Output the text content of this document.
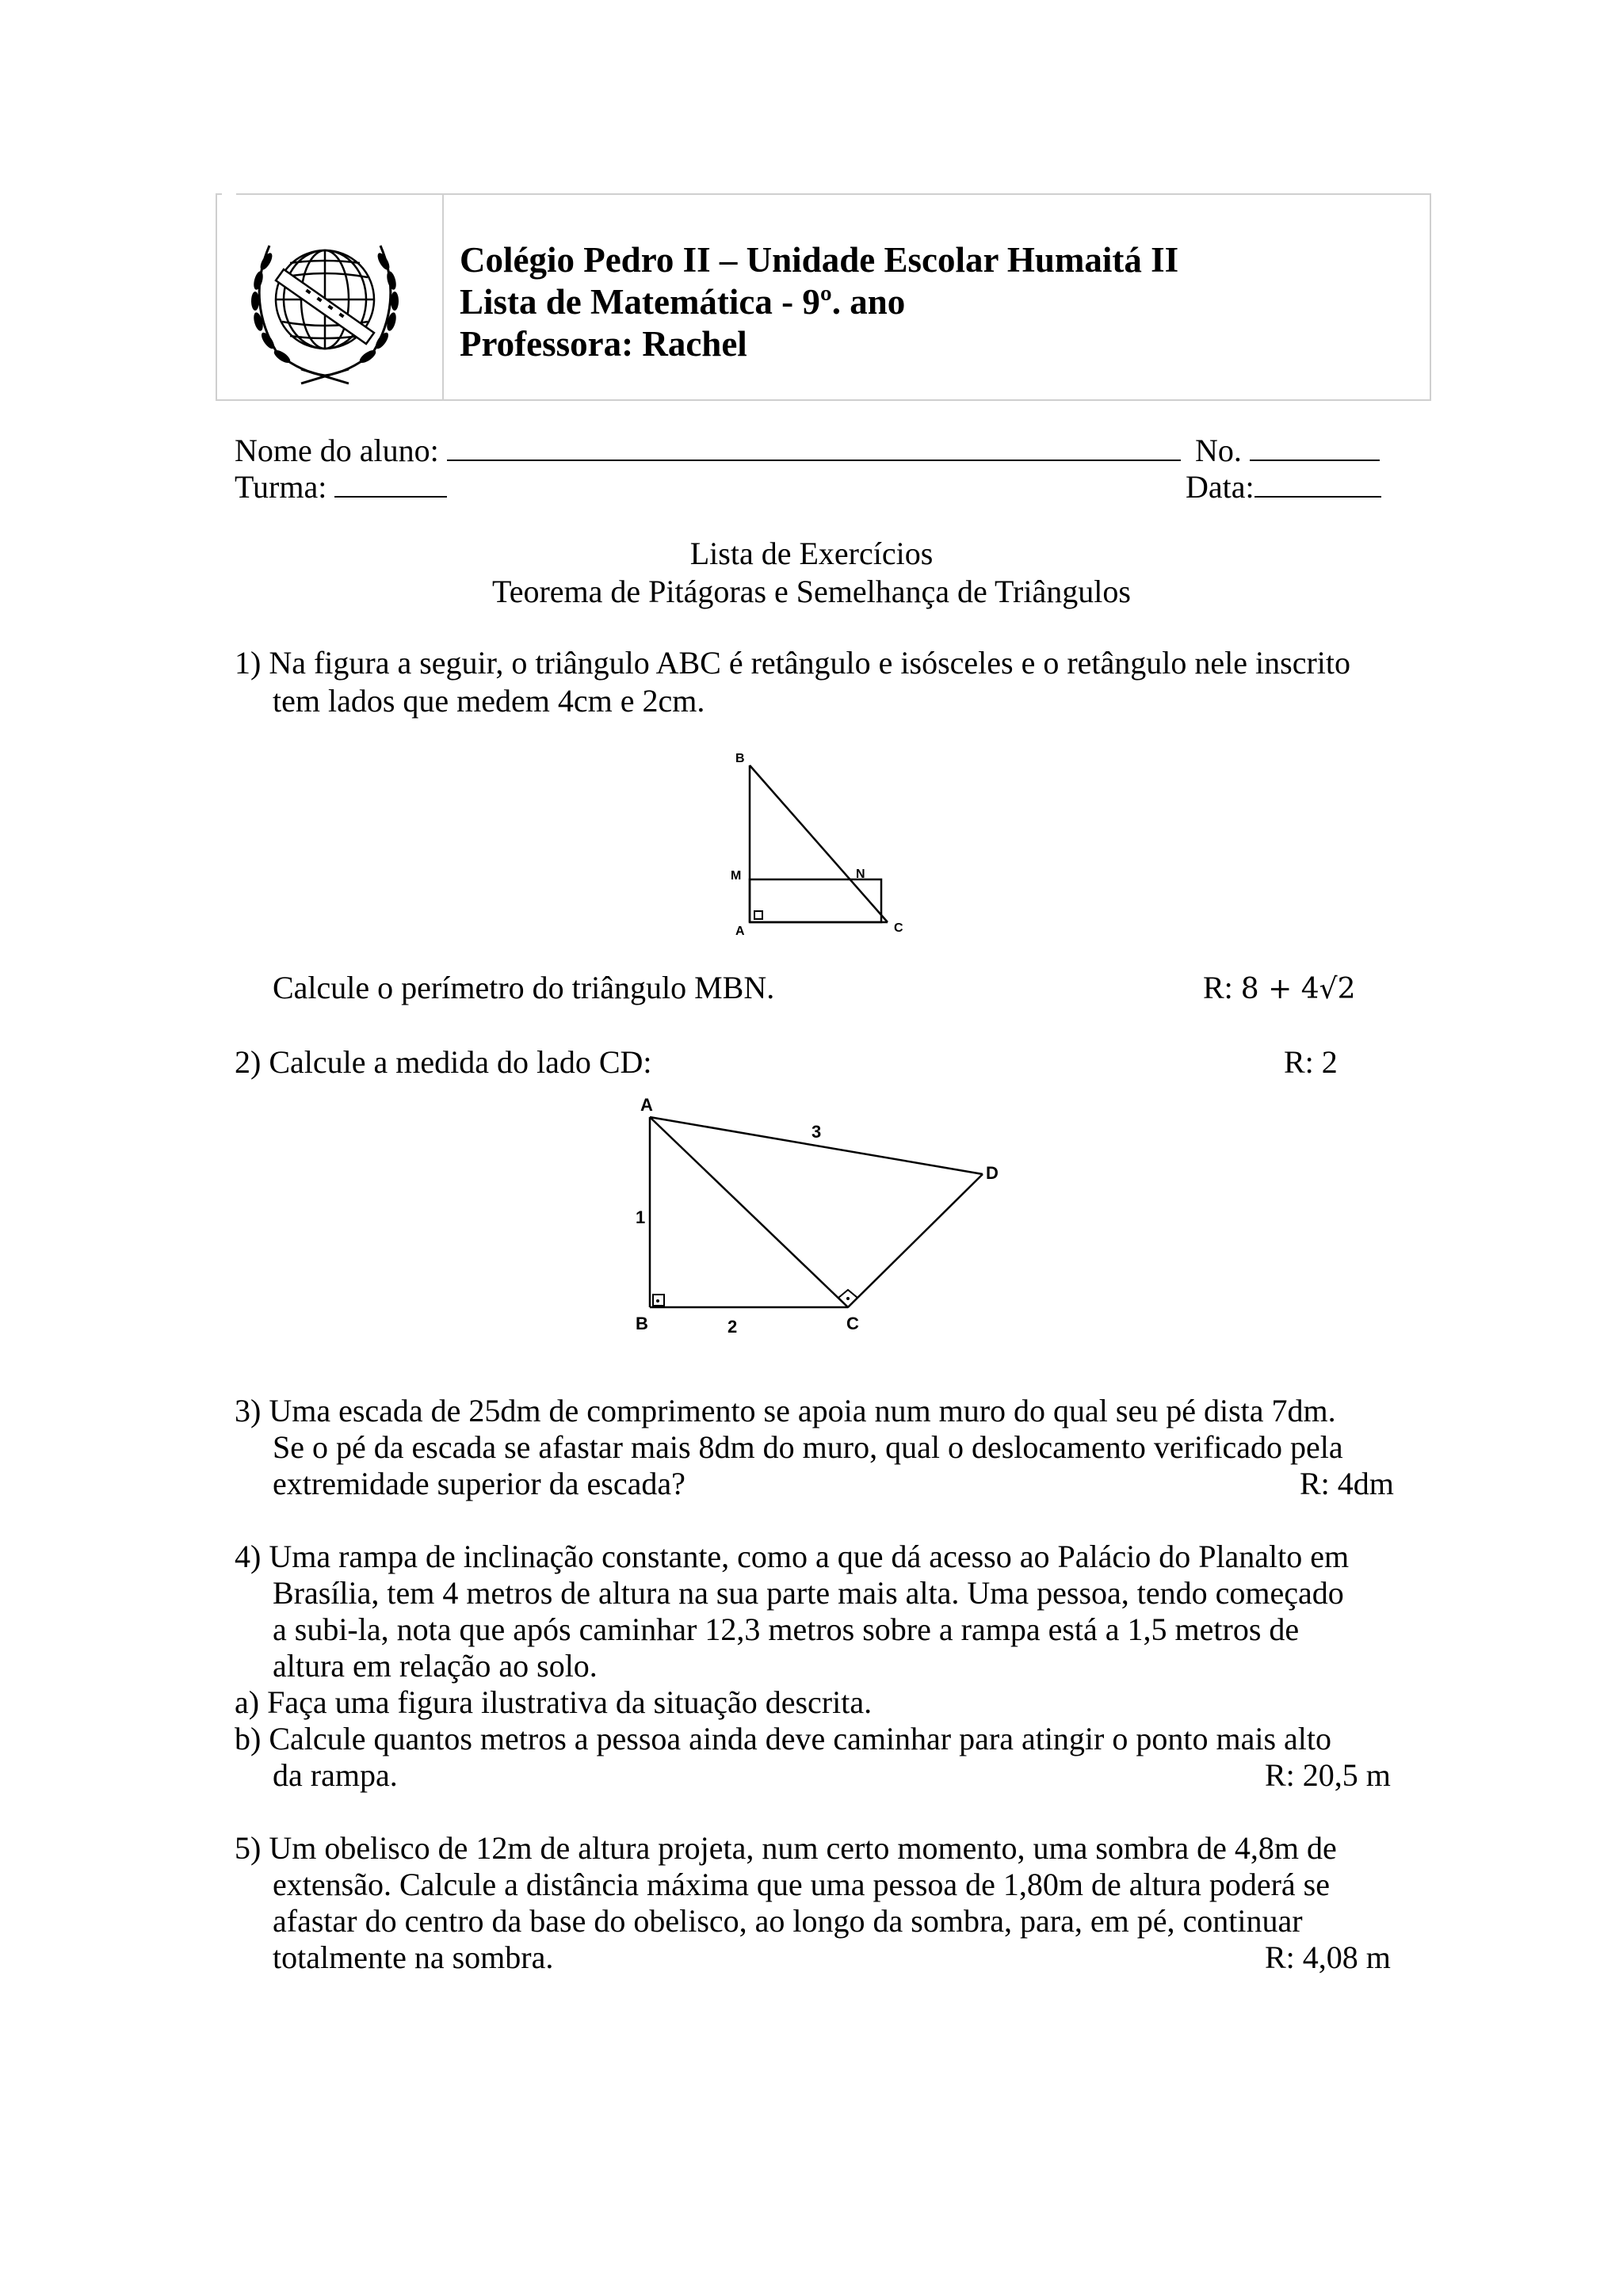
Colégio Pedro II – Unidade Escolar Humaitá II
Lista de Matemática - 9º. ano
Professora: Rachel
Nome do aluno:	No.
Turma:	Data:
Lista de Exercícios
Teorema de Pitágoras e Semelhança de Triângulos
1) Na figura a seguir, o triângulo ABC é retângulo e isósceles e o retângulo nele inscrito
tem lados que medem 4cm e 2cm.
B
M	N
A	C
Calcule o perímetro do triângulo MBN.	R: 8 + 4√2
2) Calcule a medida do lado CD:	R: 2
A
B	C
D
3
1
2
3) Uma escada de 25dm de comprimento se apoia num muro do qual seu pé dista 7dm.
Se o pé da escada se afastar mais 8dm do muro, qual o deslocamento verificado pela
extremidade superior da escada?	R: 4dm
4) Uma rampa de inclinação constante, como a que dá acesso ao Palácio do Planalto em
Brasília, tem 4 metros de altura na sua parte mais alta. Uma pessoa, tendo começado
a subi-la, nota que após caminhar 12,3 metros sobre a rampa está a 1,5 metros de
altura em relação ao solo.
a) Faça uma figura ilustrativa da situação descrita.
b) Calcule quantos metros a pessoa ainda deve caminhar para atingir o ponto mais alto
da rampa.	R: 20,5 m
5) Um obelisco de 12m de altura projeta, num certo momento, uma sombra de 4,8m de
extensão. Calcule a distância máxima que uma pessoa de 1,80m de altura poderá se
afastar do centro da base do obelisco, ao longo da sombra, para, em pé, continuar
totalmente na sombra.	R: 4,08 m
